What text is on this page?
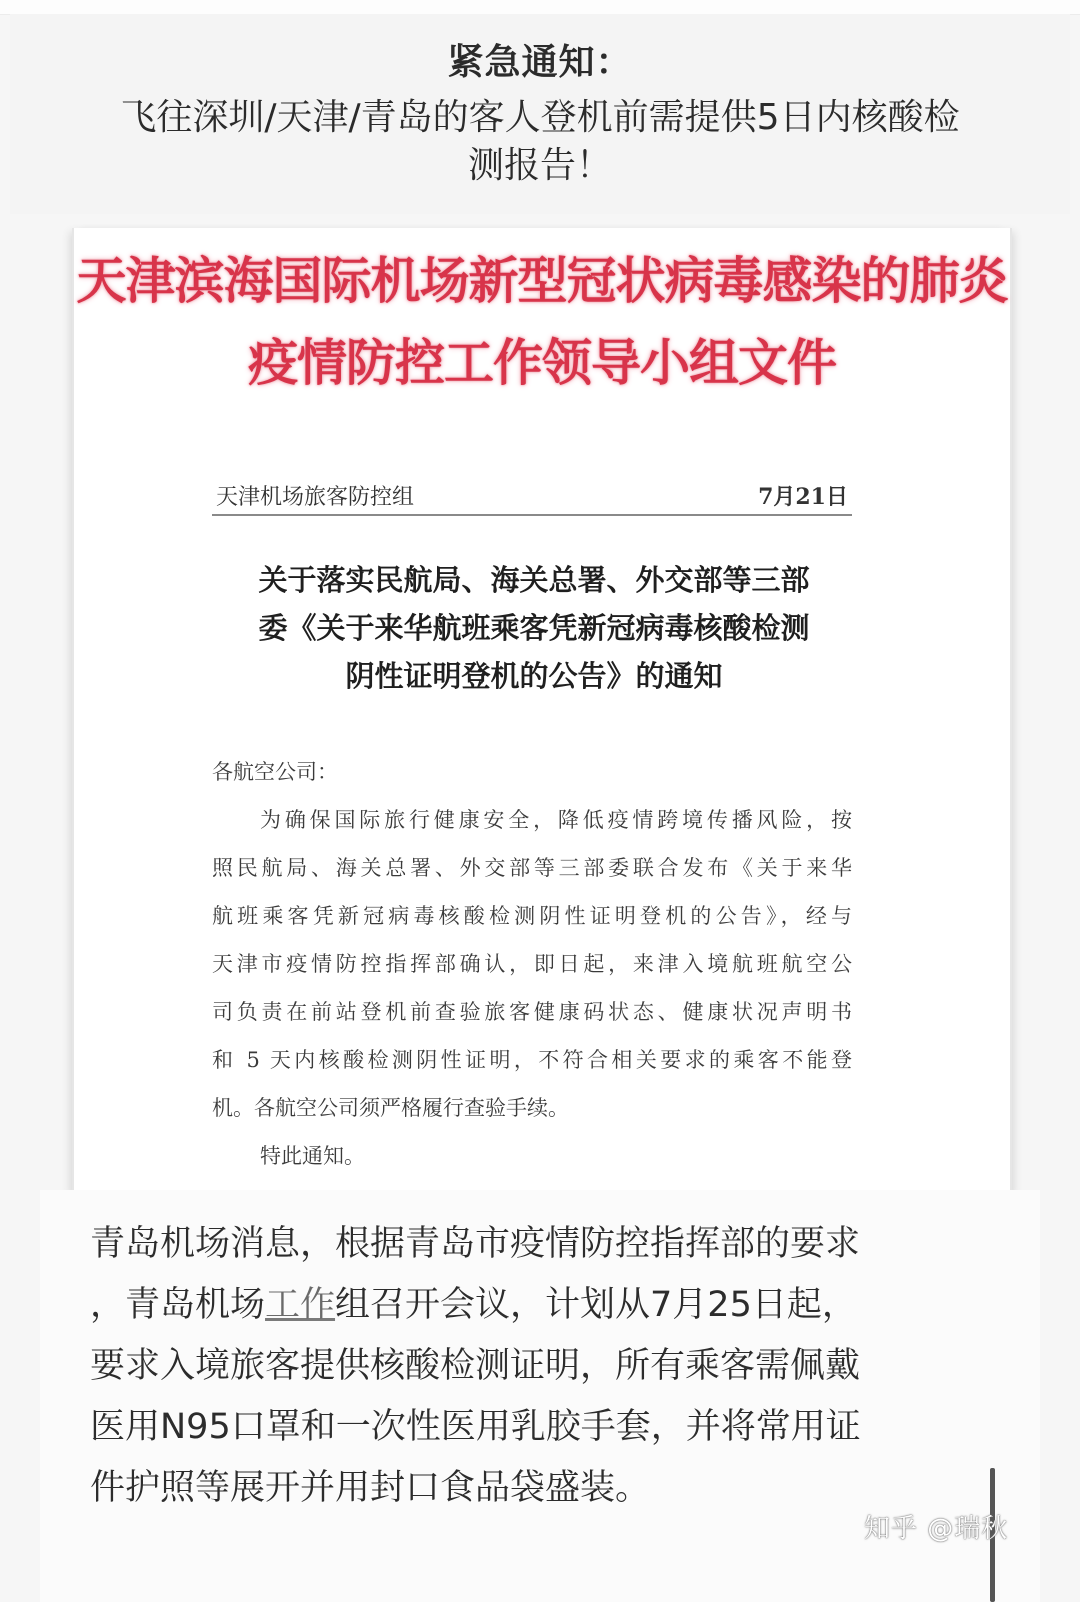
紧急通知：
飞往深圳/天津/青岛的客人登机前需提供5日内核酸检
测报告！
天津滨海国际机场新型冠状病毒感染的肺炎
疫情防控工作领导小组文件
天津机场旅客防控组	7月21日
关于落实民航局、海关总署、外交部等三部
委《关于来华航班乘客凭新冠病毒核酸检测
阴性证明登机的公告》的通知
各航空公司：
为确保国际旅行健康安全，降低疫情跨境传播风险，按
照民航局、海关总署、外交部等三部委联合发布《关于来华
航班乘客凭新冠病毒核酸检测阴性证明登机的公告》，经与
天津市疫情防控指挥部确认，即日起，来津入境航班航空公
司负责在前站登机前查验旅客健康码状态、健康状况声明书
和 5 天内核酸检测阴性证明，不符合相关要求的乘客不能登
机。各航空公司须严格履行查验手续。
特此通知。
青岛机场消息，根据青岛市疫情防控指挥部的要求
，青岛机场工作组召开会议，计划从7月25日起，
要求入境旅客提供核酸检测证明，所有乘客需佩戴
医用N95口罩和一次性医用乳胶手套，并将常用证
件护照等展开并用封口食品袋盛装。
知乎 @瑞秋
